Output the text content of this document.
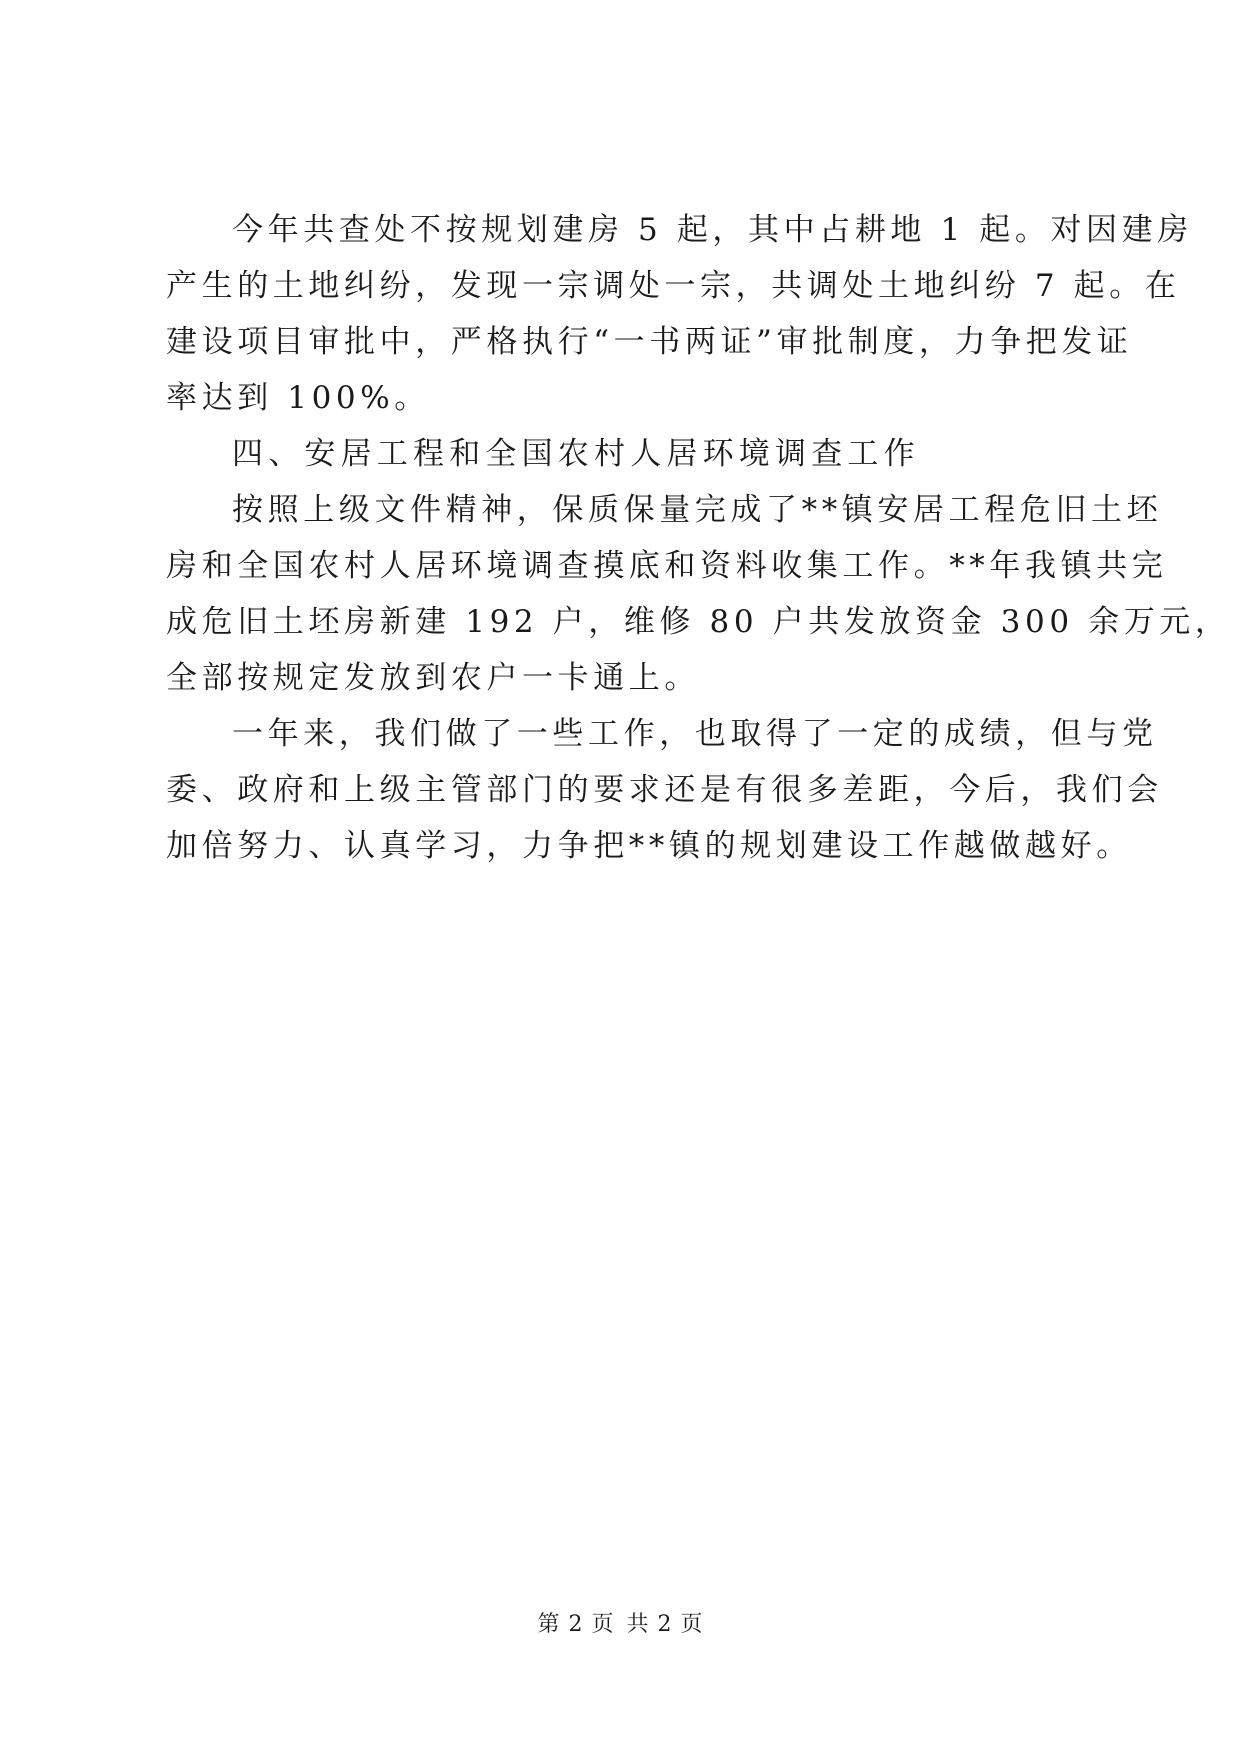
今年共查处不按规划建房 5 起，其中占耕地 1 起。对因建房
产生的土地纠纷，发现一宗调处一宗，共调处土地纠纷 7 起。在
建设项目审批中，严格执行“一书两证”审批制度，力争把发证
率达到 100%。
四、安居工程和全国农村人居环境调查工作
按照上级文件精神，保质保量完成了**镇安居工程危旧土坯
房和全国农村人居环境调查摸底和资料收集工作。**年我镇共完
成危旧土坯房新建 192 户，维修 80 户共发放资金 300 余万元，
全部按规定发放到农户一卡通上。
一年来，我们做了一些工作，也取得了一定的成绩，但与党
委、政府和上级主管部门的要求还是有很多差距，今后，我们会
加倍努力、认真学习，力争把**镇的规划建设工作越做越好。
第 2 页 共 2 页
